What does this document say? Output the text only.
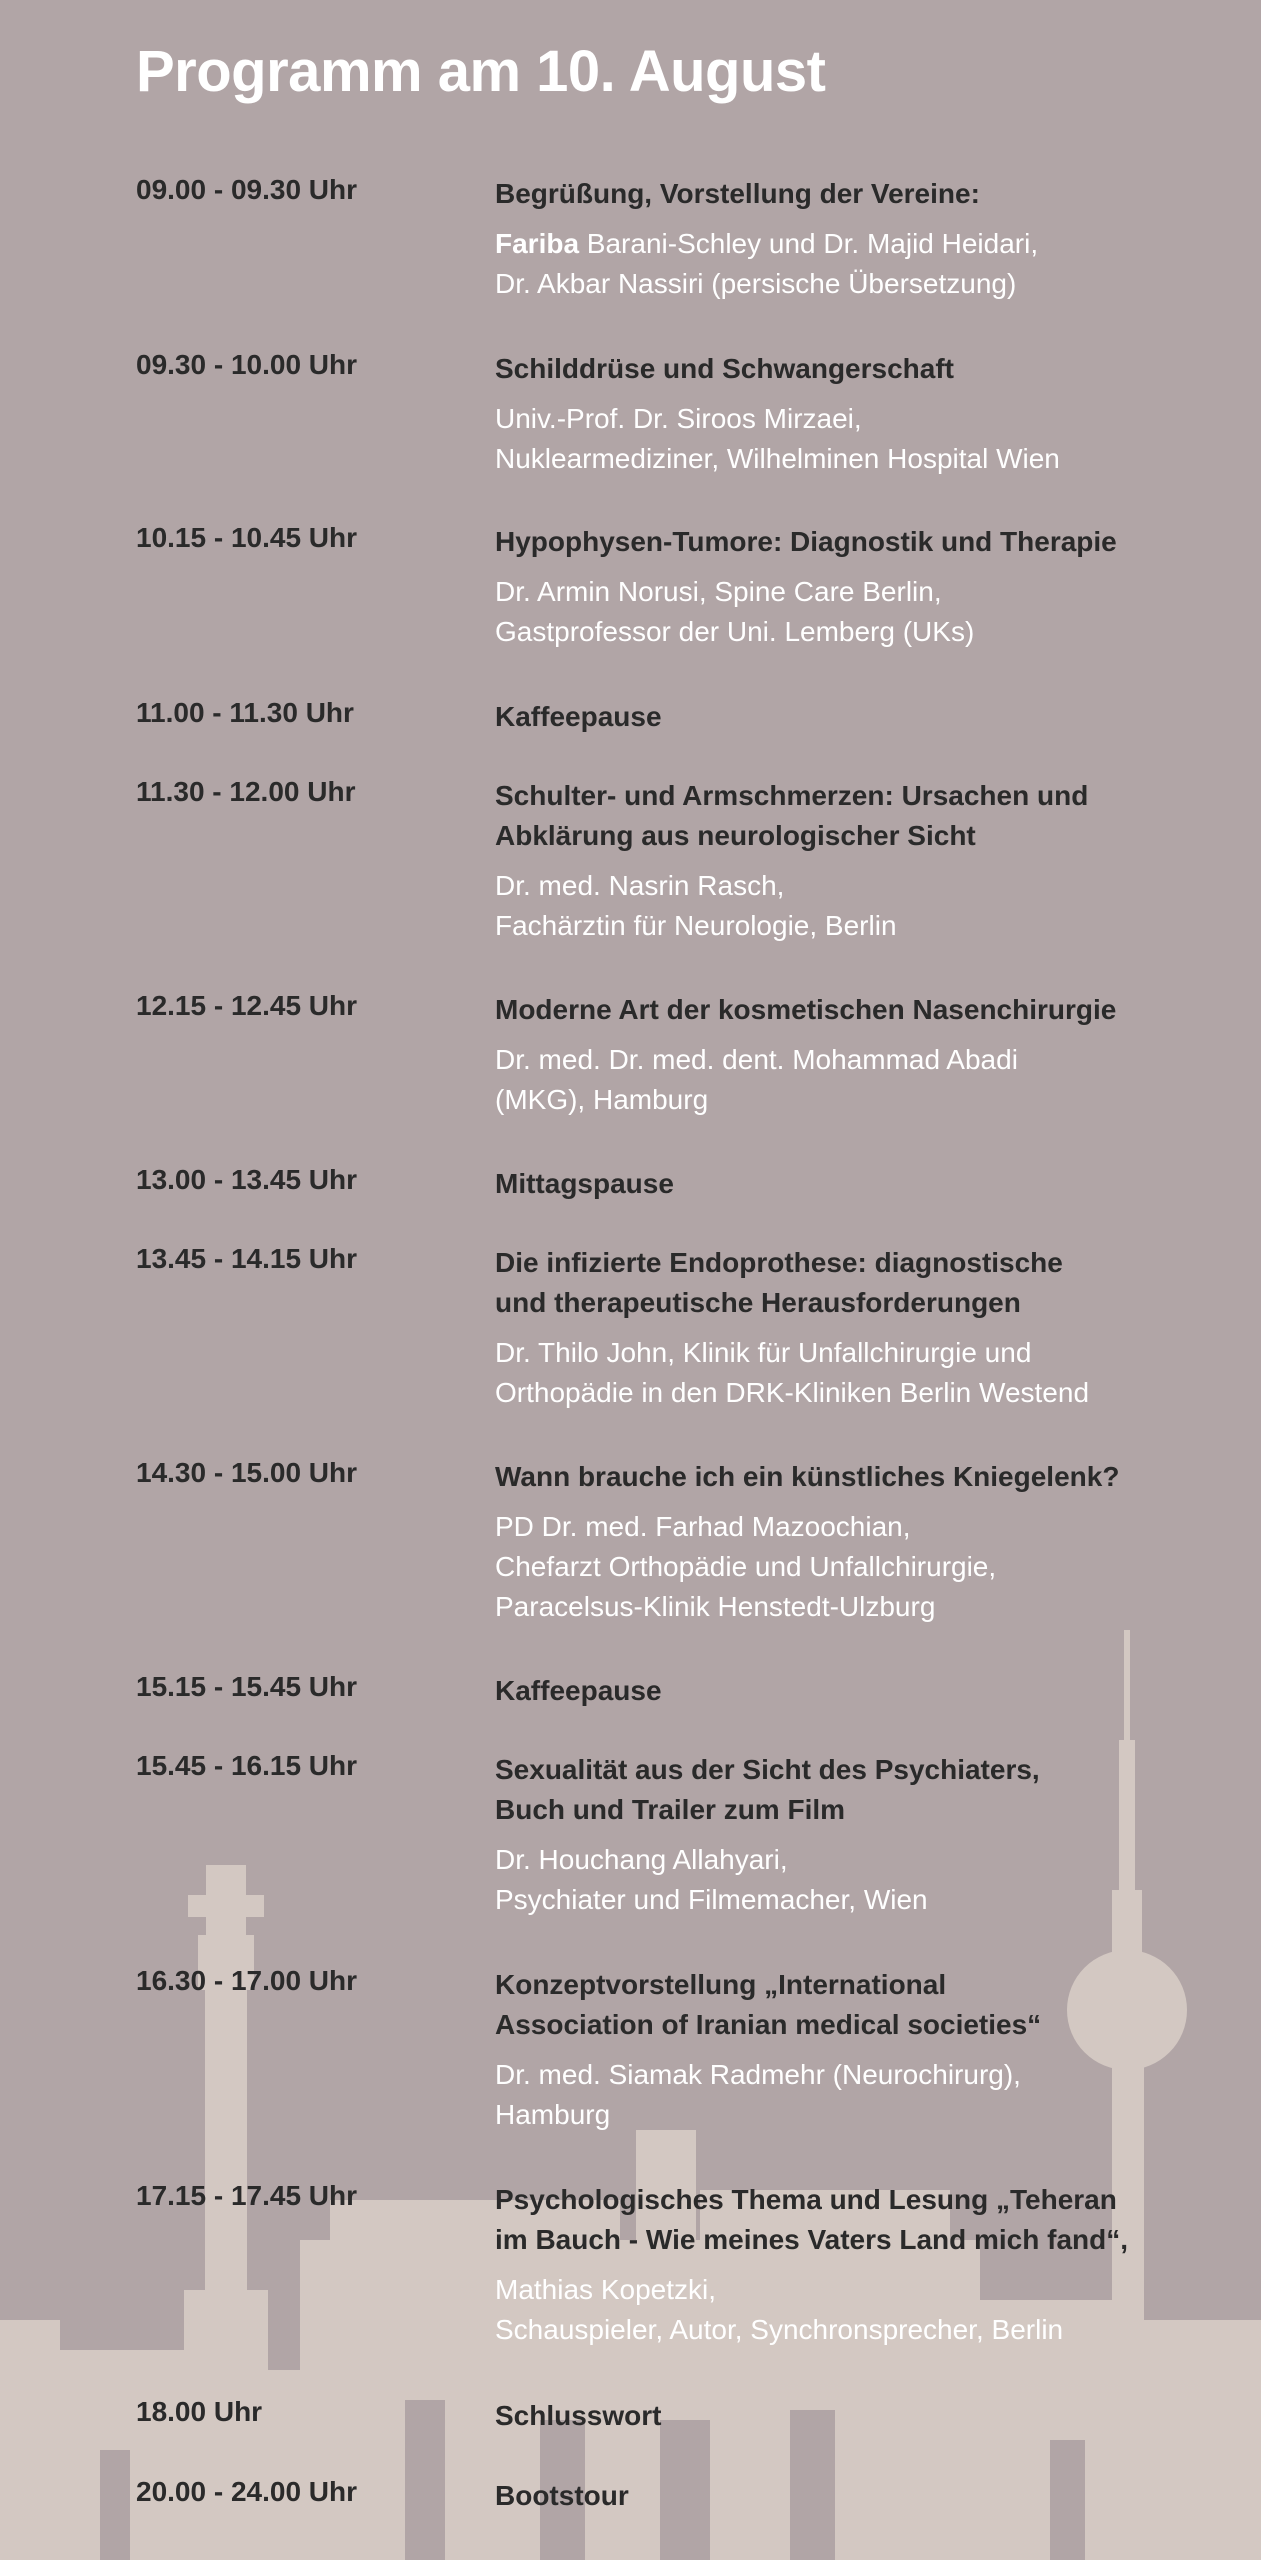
Programm am 10. August
09.00 - 09.30 Uhr	Begrüßung, Vorstellung der Vereine:
Fariba Barani-Schley und Dr. Majid Heidari,
Dr. Akbar Nassiri (persische Übersetzung)
09.30 - 10.00 Uhr	Schilddrüse und Schwangerschaft
Univ.-Prof. Dr. Siroos Mirzaei,
Nuklearmediziner, Wilhelminen Hospital Wien
10.15 - 10.45 Uhr	Hypophysen-Tumore: Diagnostik und Therapie
Dr. Armin Norusi, Spine Care Berlin,
Gastprofessor der Uni. Lemberg (UKs)
11.00 - 11.30 Uhr	Kaffeepause
11.30 - 12.00 Uhr	Schulter- und Armschmerzen: Ursachen und
Abklärung aus neurologischer Sicht
Dr. med. Nasrin Rasch,
Fachärztin für Neurologie, Berlin
12.15 - 12.45 Uhr	Moderne Art der kosmetischen Nasenchirurgie
Dr. med. Dr. med. dent. Mohammad Abadi
(MKG), Hamburg
13.00 - 13.45 Uhr	Mittagspause
13.45 - 14.15 Uhr	Die infizierte Endoprothese: diagnostische
und therapeutische Herausforderungen
Dr. Thilo John, Klinik für Unfallchirurgie und
Orthopädie in den DRK-Kliniken Berlin Westend
14.30 - 15.00 Uhr	Wann brauche ich ein künstliches Kniegelenk?
PD Dr. med. Farhad Mazoochian,
Chefarzt Orthopädie und Unfallchirurgie,
Paracelsus-Klinik Henstedt-Ulzburg
15.15 - 15.45 Uhr	Kaffeepause
15.45 - 16.15 Uhr	Sexualität aus der Sicht des Psychiaters,
Buch und Trailer zum Film
Dr. Houchang Allahyari,
Psychiater und Filmemacher, Wien
16.30 - 17.00 Uhr	Konzeptvorstellung „International
Association of Iranian medical societies“
Dr. med. Siamak Radmehr (Neurochirurg),
Hamburg
17.15 - 17.45 Uhr	Psychologisches Thema und Lesung „Teheran
im Bauch - Wie meines Vaters Land mich fand“,
Mathias Kopetzki,
Schauspieler, Autor, Synchronsprecher, Berlin
18.00 Uhr	Schlusswort
20.00 - 24.00 Uhr	Bootstour
